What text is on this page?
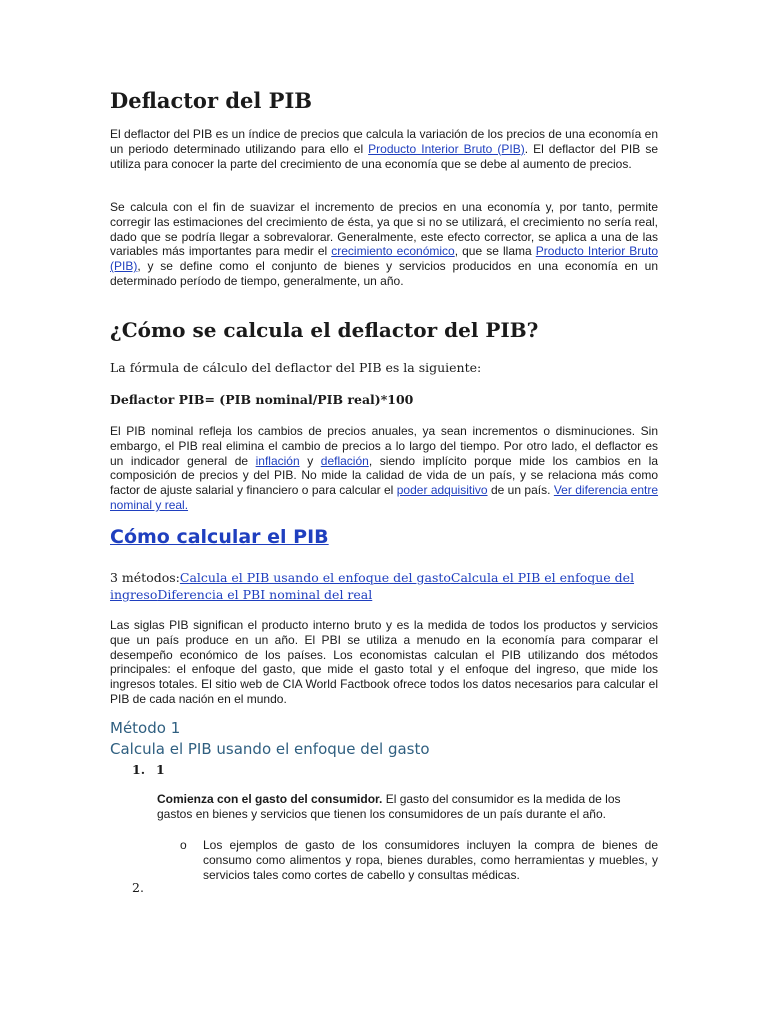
Deflactor del PIB

El deflactor del PIB es un índice de precios que calcula la variación de los precios de una economía en un periodo determinado utilizando para ello el Producto Interior Bruto (PIB). El deflactor del PIB se utiliza para conocer la parte del crecimiento de una economía que se debe al aumento de precios.

Se calcula con el fin de suavizar el incremento de precios en una economía y, por tanto, permite corregir las estimaciones del crecimiento de ésta, ya que si no se utilizará, el crecimiento no sería real, dado que se podría llegar a sobrevalorar. Generalmente, este efecto corrector, se aplica a una de las variables más importantes para medir el crecimiento económico, que se llama Producto Interior Bruto (PIB), y se define como el conjunto de bienes y servicios producidos en una economía en un determinado período de tiempo, generalmente, un año.

¿Cómo se calcula el deflactor del PIB?

La fórmula de cálculo del deflactor del PIB es la siguiente:

Deflactor PIB= (PIB nominal/PIB real)*100

El PIB nominal refleja los cambios de precios anuales, ya sean incrementos o disminuciones. Sin embargo, el PIB real elimina el cambio de precios a lo largo del tiempo. Por otro lado, el deflactor es un indicador general de inflación y deflación, siendo implícito porque mide los cambios en la composición de precios y del PIB. No mide la calidad de vida de un país, y se relaciona más como factor de ajuste salarial y financiero o para calcular el poder adquisitivo de un país. Ver diferencia entre nominal y real.

Cómo calcular el PIB

3 métodos:Calcula el PIB usando el enfoque del gastoCalcula el PIB el enfoque del ingresoDiferencia el PBI nominal del real

Las siglas PIB significan el producto interno bruto y es la medida de todos los productos y servicios que un país produce en un año. El PBI se utiliza a menudo en la economía para comparar el desempeño económico de los países. Los economistas calculan el PIB utilizando dos métodos principales: el enfoque del gasto, que mide el gasto total y el enfoque del ingreso, que mide los ingresos totales. El sitio web de CIA World Factbook ofrece todos los datos necesarios para calcular el PIB de cada nación en el mundo.

Método 1
Calcula el PIB usando el enfoque del gasto
1. 1

Comienza con el gasto del consumidor. El gasto del consumidor es la medida de los gastos en bienes y servicios que tienen los consumidores de un país durante el año.

o Los ejemplos de gasto de los consumidores incluyen la compra de bienes de consumo como alimentos y ropa, bienes durables, como herramientas y muebles, y servicios tales como cortes de cabello y consultas médicas.

2.
